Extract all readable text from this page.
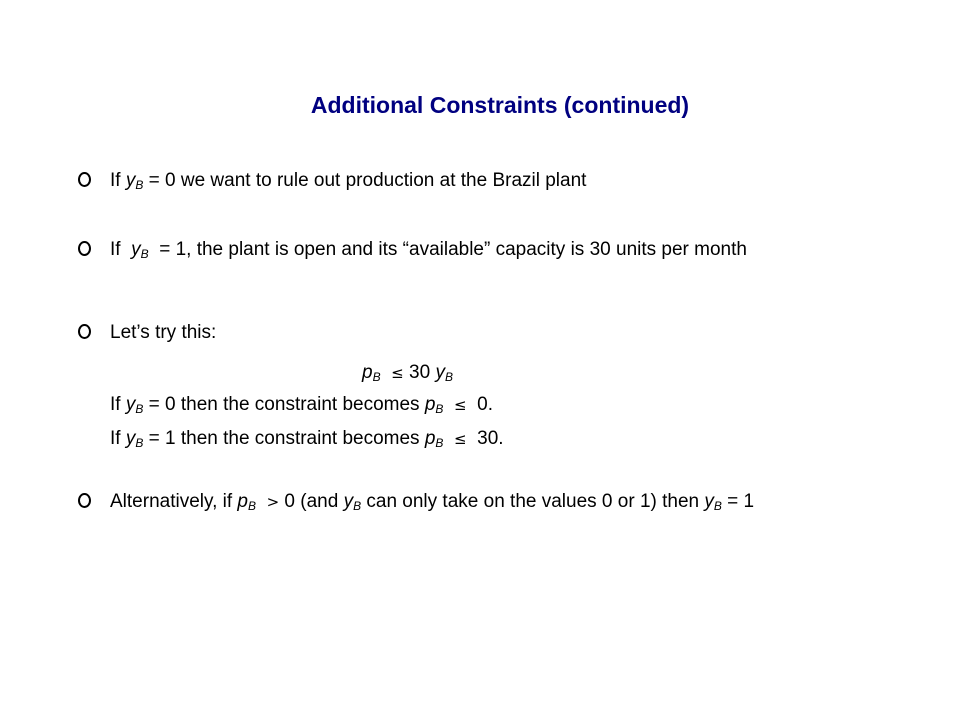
Additional Constraints (continued)
If $y_B = 0$ we want to rule out production at the Brazil plant
If  $y_B = 1$, the plant is open and its “available” capacity is 30 units per month
Let’s try this:
$p_B \le 30$ $y_B$
If $y_B = 0$ then the constraint becomes $p_B \le 0$.
If $y_B = 1$ then the constraint becomes $p_B \le 30$.
Alternatively, if $p_B > 0$ (and $y_B$ can only take on the values 0 or 1) then $y_B = 1$
